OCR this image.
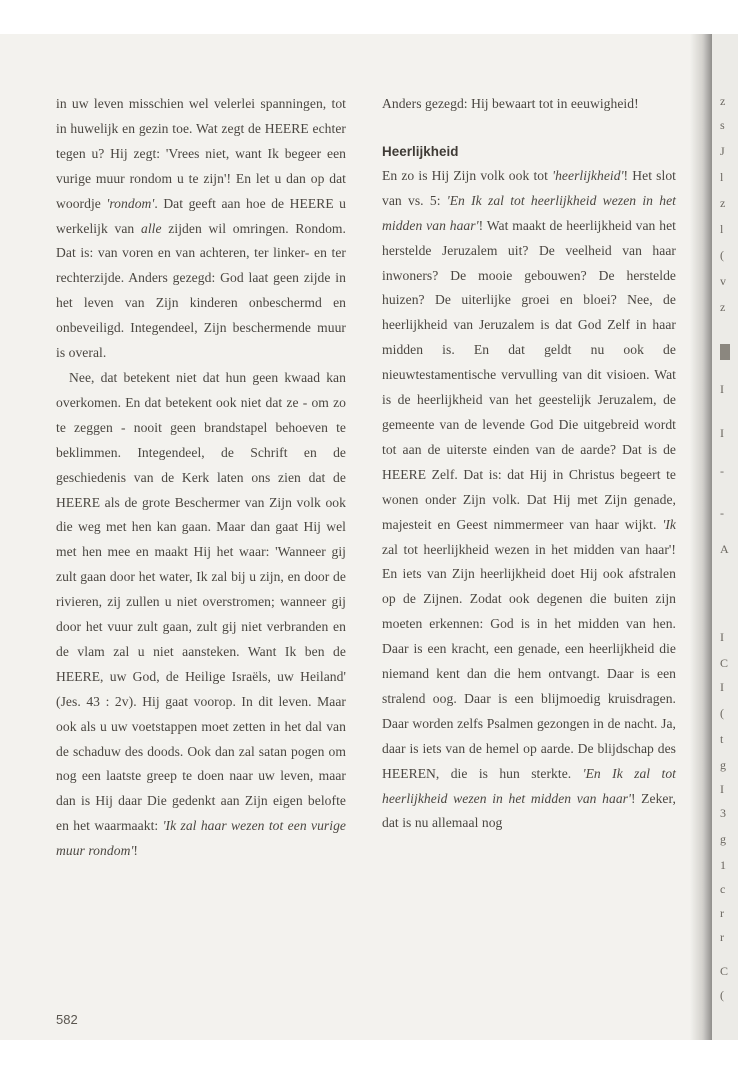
in uw leven misschien wel velerlei spanningen, tot in huwelijk en gezin toe. Wat zegt de HEERE echter tegen u? Hij zegt: 'Vrees niet, want Ik begeer een vurige muur rondom u te zijn'! En let u dan op dat woordje 'rondom'. Dat geeft aan hoe de HEERE u werkelijk van alle zijden wil omringen. Rondom. Dat is: van voren en van achteren, ter linker- en ter rechterzijde. Anders gezegd: God laat geen zijde in het leven van Zijn kinderen onbeschermd en onbeveiligd. Integendeel, Zijn beschermende muur is overal.

Nee, dat betekent niet dat hun geen kwaad kan overkomen. En dat betekent ook niet dat ze - om zo te zeggen - nooit geen brandstapel behoeven te beklimmen. Integendeel, de Schrift en de geschiedenis van de Kerk laten ons zien dat de HEERE als de grote Beschermer van Zijn volk ook die weg met hen kan gaan. Maar dan gaat Hij wel met hen mee en maakt Hij het waar: 'Wanneer gij zult gaan door het water, Ik zal bij u zijn, en door de rivieren, zij zullen u niet overstromen; wanneer gij door het vuur zult gaan, zult gij niet verbranden en de vlam zal u niet aansteken. Want Ik ben de HEERE, uw God, de Heilige Israëls, uw Heiland' (Jes. 43 : 2v). Hij gaat voorop. In dit leven. Maar ook als u uw voetstappen moet zetten in het dal van de schaduw des doods. Ook dan zal satan pogen om nog een laatste greep te doen naar uw leven, maar dan is Hij daar Die gedenkt aan Zijn eigen belofte en het waarmaakt: 'Ik zal haar wezen tot een vurige muur rondom'!

Anders gezegd: Hij bewaart tot in eeuwigheid!

Heerlijkheid

En zo is Hij Zijn volk ook tot 'heerlijkheid'! Het slot van vs. 5: 'En Ik zal tot heerlijkheid wezen in het midden van haar'! Wat maakt de heerlijkheid van het herstelde Jeruzalem uit? De veelheid van haar inwoners? De mooie gebouwen? De herstelde huizen? De uiterlijke groei en bloei? Nee, de heerlijkheid van Jeruzalem is dat God Zelf in haar midden is. En dat geldt nu ook de nieuwtestamentische vervulling van dit visioen. Wat is de heerlijkheid van het geestelijk Jeruzalem, de gemeente van de levende God Die uitgebreid wordt tot aan de uiterste einden van de aarde? Dat is de HEERE Zelf. Dat is: dat Hij in Christus begeert te wonen onder Zijn volk. Dat Hij met Zijn genade, majesteit en Geest nimmermeer van haar wijkt. 'Ik zal tot heerlijkheid wezen in het midden van haar'! En iets van Zijn heerlijkheid doet Hij ook afstralen op de Zijnen. Zodat ook degenen die buiten zijn moeten erkennen: God is in het midden van hen. Daar is een kracht, een genade, een heerlijkheid die niemand kent dan die hem ontvangt. Daar is een stralend oog. Daar is een blijmoedig kruisdragen. Daar worden zelfs Psalmen gezongen in de nacht. Ja, daar is iets van de hemel op aarde. De blijdschap des HEEREN, die is hun sterkte. 'En Ik zal tot heerlijkheid wezen in het midden van haar'! Zeker, dat is nu allemaal nog

582
z
s
J
l
z
l
(
v
z
I
I
-
-
A
I
C
I
(
t
g
I
3
g
1
c
r
r
C
(
